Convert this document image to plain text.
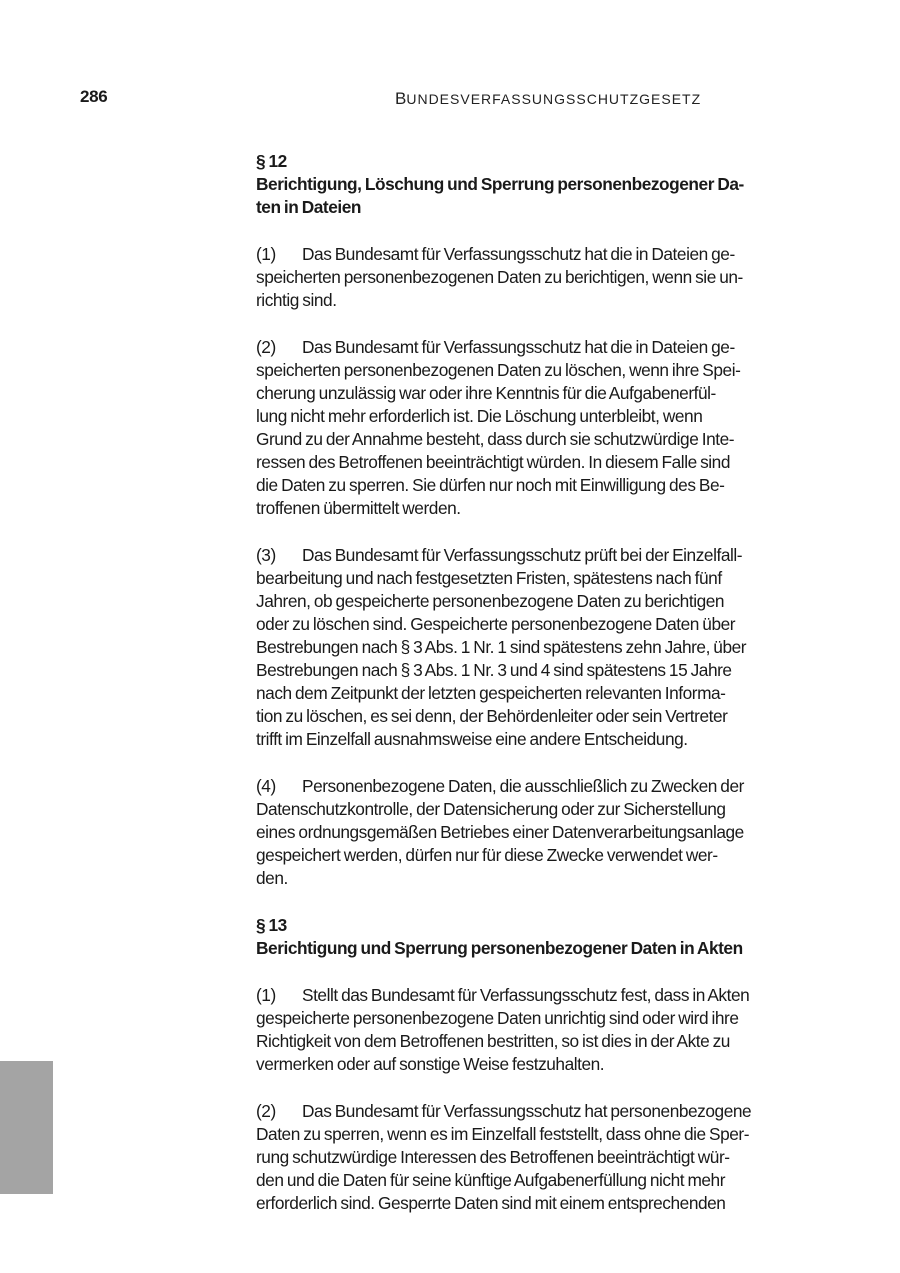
286	BUNDESVERFASSUNGSSCHUTZGESETZ
§ 12
Berichtigung, Löschung und Sperrung personenbezogener Da-
ten in Dateien
(1) Das Bundesamt für Verfassungsschutz hat die in Dateien ge-
speicherten personenbezogenen Daten zu berichtigen, wenn sie un-
richtig sind.
(2) Das Bundesamt für Verfassungsschutz hat die in Dateien ge-
speicherten personenbezogenen Daten zu löschen, wenn ihre Spei-
cherung unzulässig war oder ihre Kenntnis für die Aufgabenerfül-
lung nicht mehr erforderlich ist. Die Löschung unterbleibt, wenn
Grund zu der Annahme besteht, dass durch sie schutzwürdige Inte-
ressen des Betroffenen beeinträchtigt würden. In diesem Falle sind
die Daten zu sperren. Sie dürfen nur noch mit Einwilligung des Be-
troffenen übermittelt werden.
(3) Das Bundesamt für Verfassungsschutz prüft bei der Einzelfall-
bearbeitung und nach festgesetzten Fristen, spätestens nach fünf
Jahren, ob gespeicherte personenbezogene Daten zu berichtigen
oder zu löschen sind. Gespeicherte personenbezogene Daten über
Bestrebungen nach § 3 Abs. 1 Nr. 1 sind spätestens zehn Jahre, über
Bestrebungen nach § 3 Abs. 1 Nr. 3 und 4 sind spätestens 15 Jahre
nach dem Zeitpunkt der letzten gespeicherten relevanten Informa-
tion zu löschen, es sei denn, der Behördenleiter oder sein Vertreter
trifft im Einzelfall ausnahmsweise eine andere Entscheidung.
(4) Personenbezogene Daten, die ausschließlich zu Zwecken der
Datenschutzkontrolle, der Datensicherung oder zur Sicherstellung
eines ordnungsgemäßen Betriebes einer Datenverarbeitungsanlage
gespeichert werden, dürfen nur für diese Zwecke verwendet wer-
den.
§ 13
Berichtigung und Sperrung personenbezogener Daten in Akten
(1) Stellt das Bundesamt für Verfassungsschutz fest, dass in Akten
gespeicherte personenbezogene Daten unrichtig sind oder wird ihre
Richtigkeit von dem Betroffenen bestritten, so ist dies in der Akte zu
vermerken oder auf sonstige Weise festzuhalten.
(2) Das Bundesamt für Verfassungsschutz hat personenbezogene
Daten zu sperren, wenn es im Einzelfall feststellt, dass ohne die Sper-
rung schutzwürdige Interessen des Betroffenen beeinträchtigt wür-
den und die Daten für seine künftige Aufgabenerfüllung nicht mehr
erforderlich sind. Gesperrte Daten sind mit einem entsprechenden
